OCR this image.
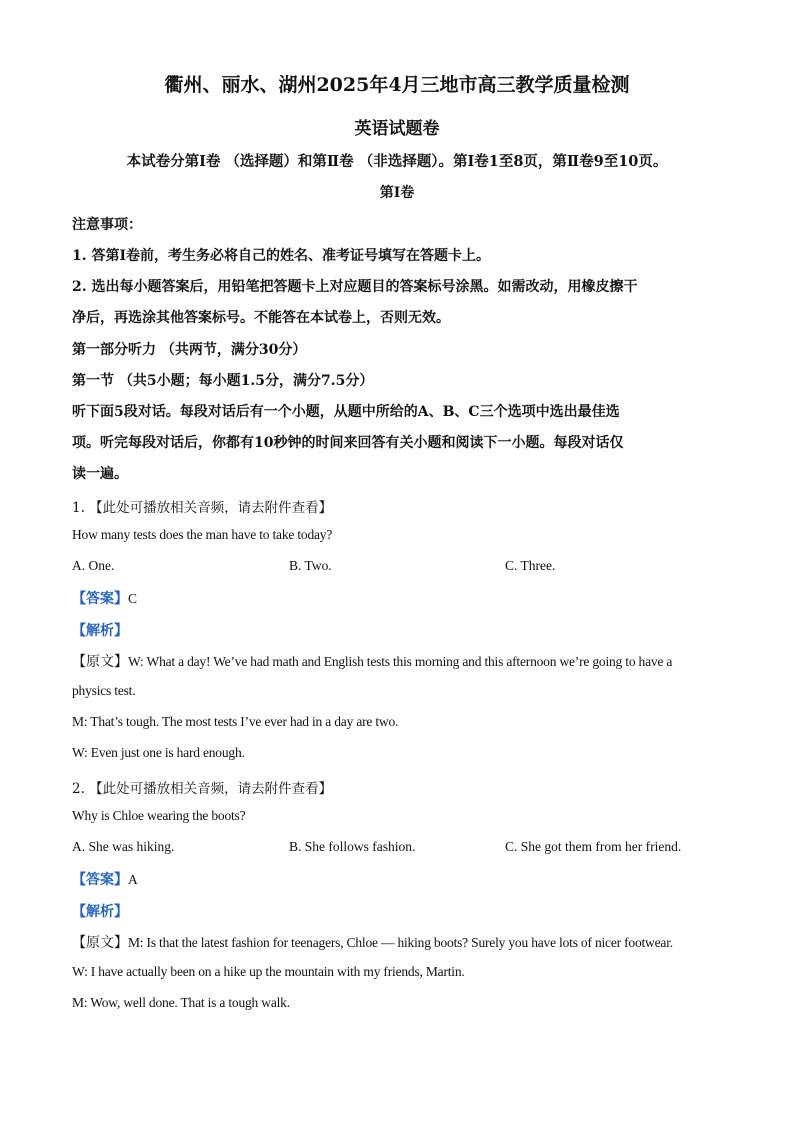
衢州、丽水、湖州2025年4月三地市高三教学质量检测
英语试题卷
本试卷分第Ⅰ卷 （选择题）和第Ⅱ卷 （非选择题）。第Ⅰ卷1至8页，第Ⅱ卷9至10页。
第Ⅰ卷
注意事项：
1. 答第Ⅰ卷前，考生务必将自己的姓名、准考证号填写在答题卡上。
2. 选出每小题答案后，用铅笔把答题卡上对应题目的答案标号涂黑。如需改动，用橡皮擦干
净后，再选涂其他答案标号。不能答在本试卷上，否则无效。
第一部分听力 （共两节，满分30分）
第一节 （共5小题；每小题1.5分，满分7.5分）
听下面5段对话。每段对话后有一个小题，从题中所给的A、B、C三个选项中选出最佳选
项。听完每段对话后，你都有10秒钟的时间来回答有关小题和阅读下一小题。每段对话仅
读一遍。
1. 【此处可播放相关音频，请去附件查看】
How many tests does the man have to take today?
A. One.	B. Two.	C. Three.
【答案】C
【解析】
【原文】W: What a day! We’ve had math and English tests this morning and this afternoon we’re going to have a
physics test.
M: That’s tough. The most tests I’ve ever had in a day are two.
W: Even just one is hard enough.
2. 【此处可播放相关音频，请去附件查看】
Why is Chloe wearing the boots?
A. She was hiking.	B. She follows fashion.	C. She got them from her friend.
【答案】A
【解析】
【原文】M: Is that the latest fashion for teenagers, Chloe — hiking boots? Surely you have lots of nicer footwear.
W: I have actually been on a hike up the mountain with my friends, Martin.
M: Wow, well done. That is a tough walk.
